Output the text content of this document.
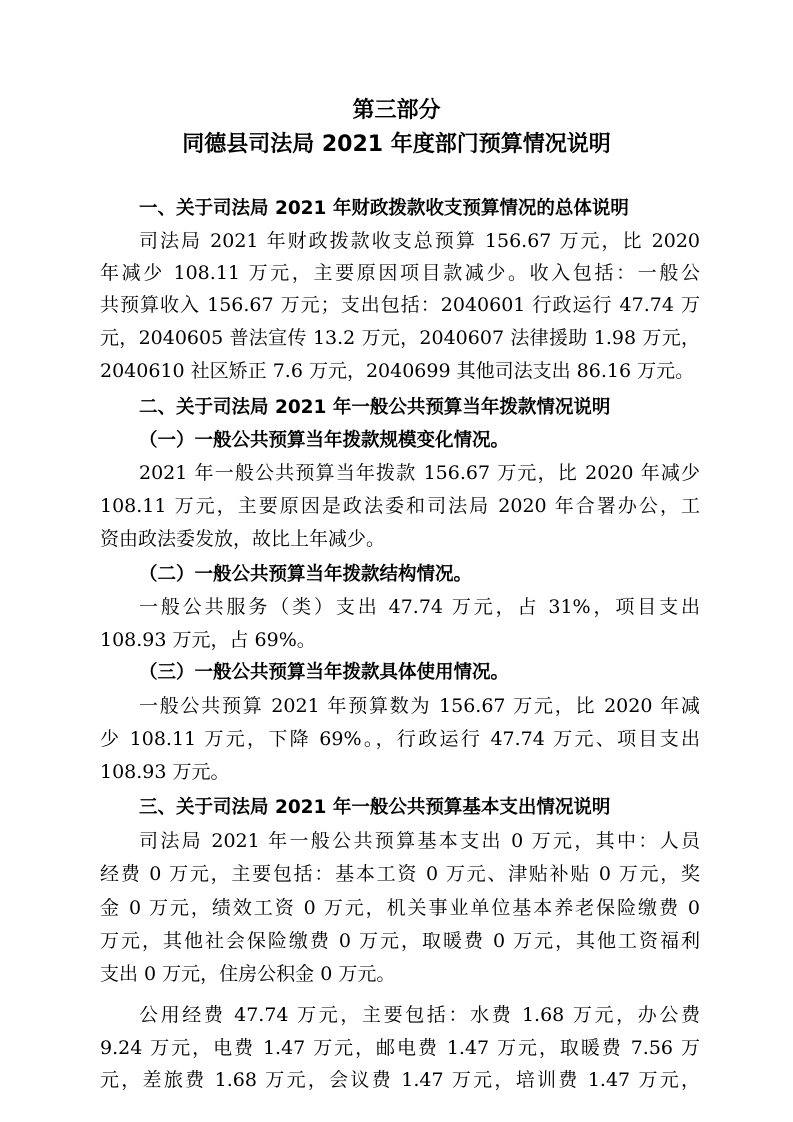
第三部分
同德县司法局 2021 年度部门预算情况说明
一、关于司法局 2021 年财政拨款收支预算情况的总体说明
司法局 2021 年财政拨款收支总预算 156.67 万元，比 2020
年减少 108.11 万元，主要原因项目款减少。收入包括：一般公
共预算收入 156.67 万元；支出包括：2040601 行政运行 47.74 万
元，2040605 普法宣传 13.2 万元，2040607 法律援助 1.98 万元，
2040610 社区矫正 7.6 万元，2040699 其他司法支出 86.16 万元。
二、关于司法局 2021 年一般公共预算当年拨款情况说明
（一）一般公共预算当年拨款规模变化情况。
2021 年一般公共预算当年拨款 156.67 万元，比 2020 年减少
108.11 万元，主要原因是政法委和司法局 2020 年合署办公，工
资由政法委发放，故比上年减少。
（二）一般公共预算当年拨款结构情况。
一般公共服务（类）支出 47.74 万元，占 31%，项目支出
108.93 万元，占 69%。
（三）一般公共预算当年拨款具体使用情况。
一般公共预算 2021 年预算数为 156.67 万元，比 2020 年减
少 108.11 万元，下降 69%。，行政运行 47.74 万元、项目支出
108.93 万元。
三、关于司法局 2021 年一般公共预算基本支出情况说明
司法局 2021 年一般公共预算基本支出 0 万元，其中：人员
经费 0 万元，主要包括：基本工资 0 万元、津贴补贴 0 万元，奖
金 0 万元，绩效工资 0 万元，机关事业单位基本养老保险缴费 0
万元，其他社会保险缴费 0 万元，取暖费 0 万元，其他工资福利
支出 0 万元，住房公积金 0 万元。
公用经费 47.74 万元，主要包括：水费 1.68 万元，办公费
9.24 万元，电费 1.47 万元，邮电费 1.47 万元，取暖费 7.56 万
元，差旅费 1.68 万元，会议费 1.47 万元，培训费 1.47 万元，
